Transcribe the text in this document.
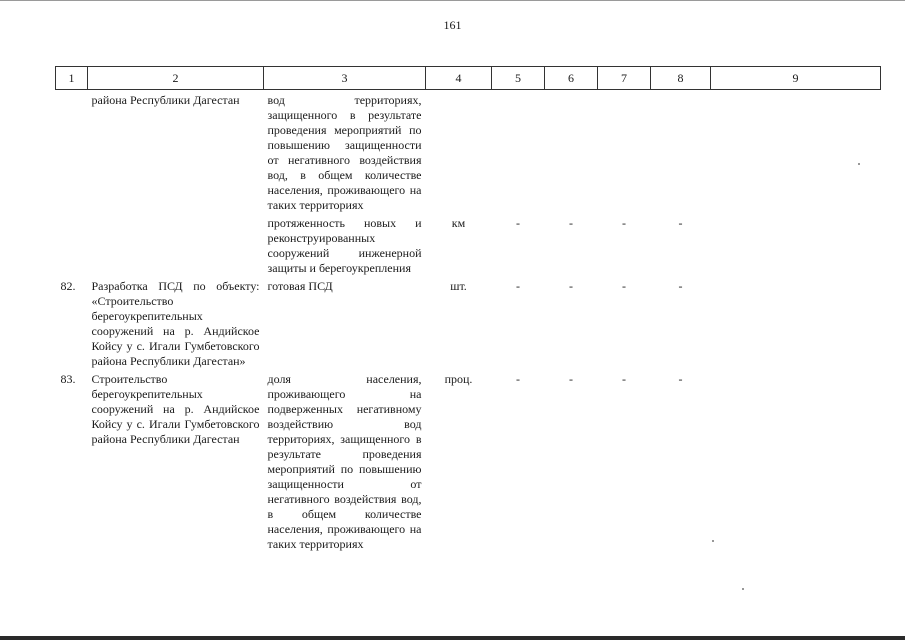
161
1	2	3	4	5	6	7	8	9
	района Республики Дагестан	вод территориях, защищенного в результате проведения мероприятий по повышению защищенности от негативного воздействия вод, в общем количестве населения, проживающего на таких территориях						
		протяженность новых и реконструированных сооружений инженерной защиты и берегоукрепления	км	-	-	-	-	
82.	Разработка ПСД по объекту: «Строительство берегоукрепительных сооружений на р. Андийское Койсу у с. Игали Гумбетовского района Республики Дагестан»	готовая ПСД	шт.	-	-	-	-	
83.	Строительство берегоукрепительных сооружений на р. Андийское Койсу у с. Игали Гумбетовского района Республики Дагестан	доля населения, проживающего на подверженных негативному воздействию вод территориях, защищенного в результате проведения мероприятий по повышению защищенности от негативного воздействия вод, в общем количестве населения, проживающего на таких территориях	проц.	-	-	-	-	
